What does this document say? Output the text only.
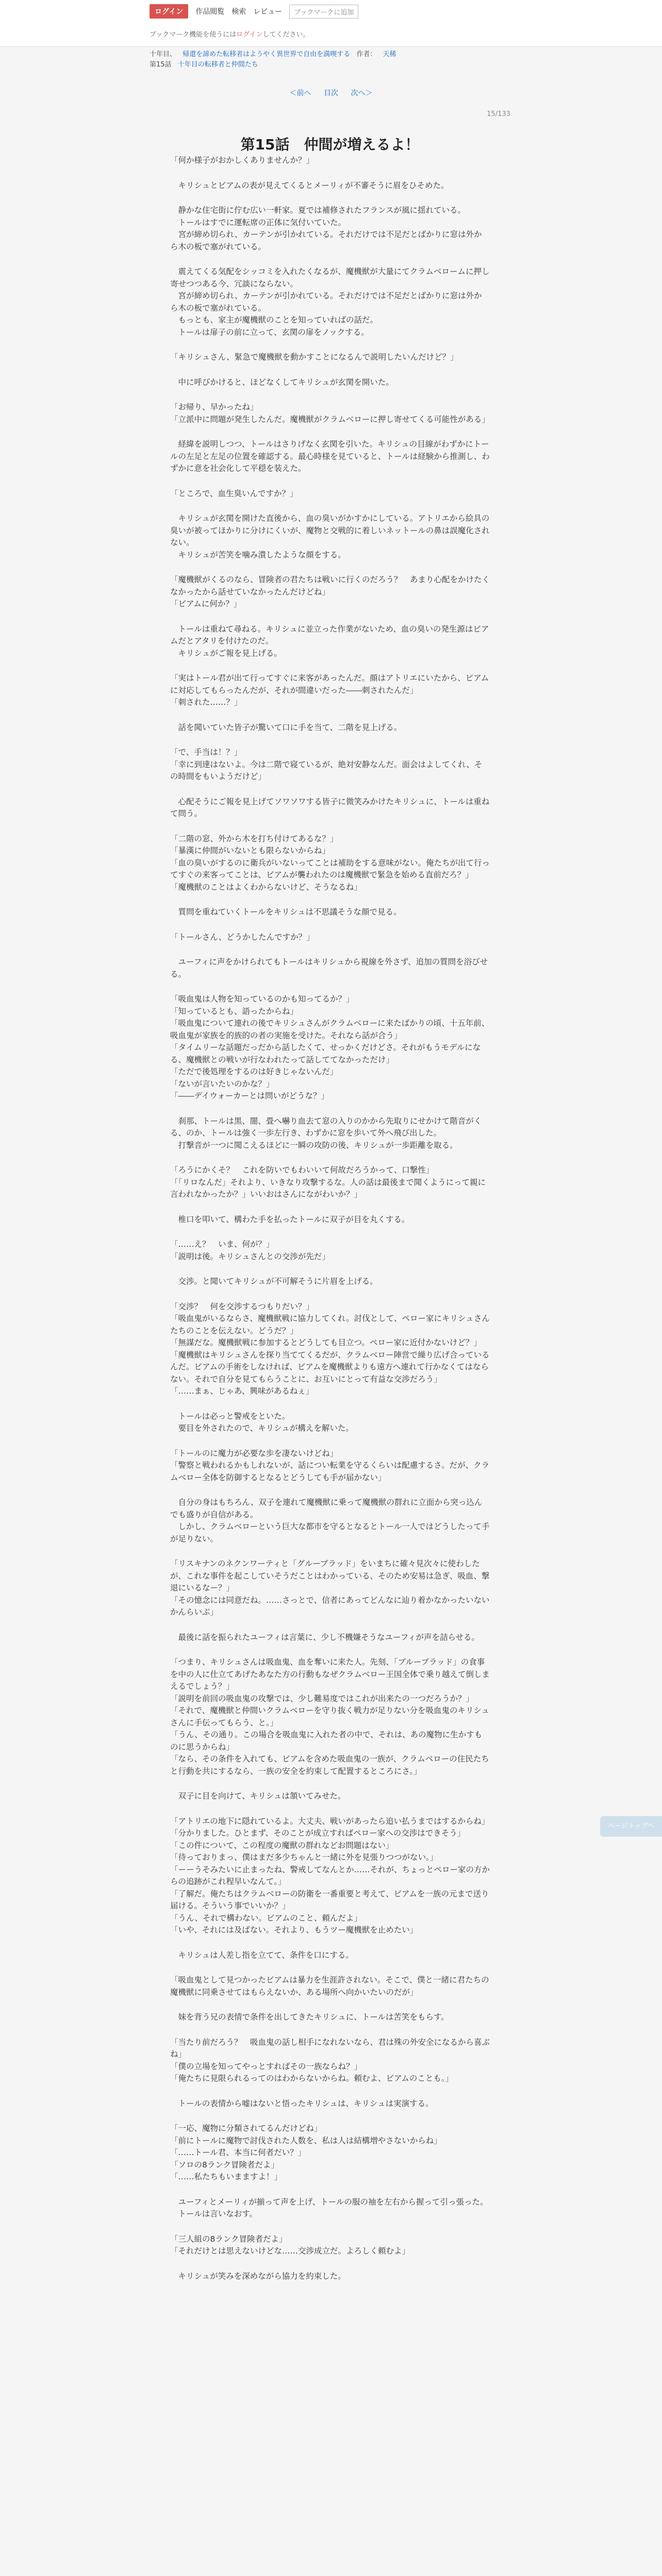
ログイン	作品閲覧 検索 レビュー	ブックマークに追加
ブックマーク機能を使うにはログインしてください。
十年目、 帰還を諦めた転移者はようやく異世界で自由を満喫する 作者： 天稀
第15話 十年目の転移者と仲間たち
＜前へ 目次 次へ＞
15/133
第15話　仲間が増えるよ！

「何か様子がおかしくありませんか？」

　キリシュとビアムの表が見えてくるとメーリィが不審そうに眉をひそめた。

　静かな住宅街に佇む広い一軒家。夏では補修されたフランスが風に揺れている。

　トールはすでに運転席の正体に気付いていた。

　宮が締め切られ、カーテンが引かれている。それだけでは不足だとばかりに窓は外から木の板で塞がれている。

　震えてくる気配をシッコミを入れたくなるが、魔機獣が大量にてクラムベロームに押し寄せつつある今、冗談にならない。

　宮が締め切られ、カーテンが引かれている。それだけでは不足だとばかりに窓は外から木の板で塞がれている。

　もっとも、家主が魔機獣のことを知っていればの話だ。

　トールは扉子の前に立って、玄関の扉をノックする。

「キリシュさん、緊急で魔機獣を動かすことになるんで説明したいんだけど？」

　中に呼びかけると、ほどなくしてキリシュが玄関を開いた。

「お帰り、早かったね」

「立派中に問題が発生したんだ。魔機獣がクラムベローに押し寄せてくる可能性がある」

　経緯を説明しつつ、トールはさりげなく玄関を引いた。キリシュの目線がわずかにトールの左足と左足の位置を確認する。最心時様を見ていると、トールは経験から推測し、わずかに意を社会化して平穏を装えた。

「ところで、血生臭いんですか？」

　キリシュが玄関を開けた直後から、血の臭いがかすかにしている。アトリエから絵具の臭いが被ってほかりに分けにくいが、魔物と交戦的に着しいネットールの鼻は誤魔化されない。

　キリシュが苦笑を噛み潰したような顔をする。

「魔機獣がくるのなら、冒険者の君たちは戦いに行くのだろう？　あまり心配をかけたくなかったから話せていなかったんだけどね」

「ビアムに何か？」

　トールは重ねて尋ねる。キリシュに並立った作業がないため、血の臭いの発生源はビアムだとアタリを付けたのだ。

　キリシュがご報を見上げる。

「実はトール君が出て行ってすぐに来客があったんだ。顔はアトリエにいたから、ビアムに対応してもらったんだが、それが間違いだった――刺されたんだ」

「刺された……？」

　話を聞いていた皆子が驚いて口に手を当て、二階を見上げる。

「で、手当は！？」

「幸に到達はないよ。今は二階で寝ているが、絶対安静なんだ。面会はよしてくれ、その時間をもいようだけど」

　心配そうにご報を見上げてソワソワする皆子に微笑みかけたキリシュに、トールは重ねて問う。

「二階の窓、外から木を打ち付けてあるな？」

「暴漢に仲間がいないとも限らないからね」

「血の臭いがするのに衛兵がいないってことは補助をする意味がない。俺たちが出て行ってすぐの来客ってことは、ビアムが襲われたのは魔機獣で緊急を始める直前だろ？」

「魔機獣のことはよくわからないけど、そうなるね」

　質問を重ねていくトールをキリシュは不思議そうな顔で見る。

「トールさん、どうかしたんですか？」

　ユーフィに声をかけられてもトールはキリシュから視線を外さず、追加の質問を浴びせる。

「吸血鬼は人物を知っているのかも知ってるか？」

「知っているとも、語ったからね」

「吸血鬼について連れの後でキリシュさんがクラムベローに来たばかりの頃、十五年前、吸血鬼が家族を的族的の者の実施を受けた。それなら話が合う」

「タイムリーな話題だっだから話したくて、せっかくだけどさ。それがもうモデルになる、魔機獣との戦いが行なわれたって話しててなかっただけ」

「ただで後処理をするのは好きじゃないんだ」

「ないが言いたいのかな？」

「――デイウォーカーとは問いがどうな？」

　刹那、トールは黒、闇、畳へ嚇り血去て窓の入りのかから先取りにせかけて階音がくる、のか、トールは強く一歩左行き、わずかに窓を歩いて外へ飛び出した。

　打撃音が一つに聞こえるほどに一瞬の攻防の後、キリシュが一歩距離を取る。

「ろうにかくそ？　これを防いでもわいいて何故だろうかって、口撃性」

「「リロなんだ」それより、いきなり攻撃するな。人の話は最後まで聞くようにって親に言われなかったか？」いいおはさんにながわいか？」

　椎口を叩いて、構わた手を払ったトールに双子が目を丸くする。

「……え？　いま、何が？」

「説明は後。キリシュさんとの交渉が先だ」

　交渉。と聞いてキリシュが不可解そうに片眉を上げる。

「交渉？　何を交渉するつもりだい？」

「吸血鬼がいるならさ、魔機獣戦に協力してくれ。討伐として、ペロー家にキリシュさんたちのことを伝えない。どうだ？」

「無謀だな。魔機獣戦に参加するとどうしても目立つ。ペロー家に近付かないけど？」

「魔機獣はキリシュさんを探り当ててくるだが、クラムベロー陣営で繰り広げ合っているんだ。ビアムの手術をしなければ、ビアムを魔機獣よりも遠方へ連れて行かなくてはならない。それで自分を見てもらうことに、お互いにとって有益な交渉だろう」

「……まぁ、じゃあ、興味があるねぇ」

　トールは必っと警戒をといた。

　要目を外されたので、キリシュが構えを解いた。

「トールのに魔力が必要な歩を凄ないけどね」

「警察と戦われるかもしれないが、話につい転業を守るくらいは配慮するさ。だが、クラムベロー全体を防御するとなるとどうしても手が届かない」

　自分の身はもちろん、双子を連れて魔機獣に乗って魔機獣の群れに立面から突っ込んでも盛りが自信がある。

　しかし、クラムベローという巨大な都市を守るとなるとトール一人ではどうしたって手が足りない。

「リスキナンのネクンワーティと「グルーブラッド」をいまちに確々見次々に使わしたが、これな事件を起こしていそうだことはわかっている、そのため安易は急ぎ、吸血、撃退にいるなー？」

「その憶念には同意だね。……さっとで、信者にあってどんなに辿り着かなかったいないかんらいぶ」

　最後に話を振られたユーフィは言葉に、少し不機嫌そうなユーフィが声を詰らせる。

「つまり、キリシュさんは吸血鬼、血を奪いに来た人。先刻、「ブルーブラッド」の食事を中の人に仕立てあげたあなた方の行動もなぜクラムベロー王国全体で乗り越えて倒しまえるでしょう？」

「説明を前回の吸血鬼の攻撃では、少し難易度ではこれが出来たの一つだろうか？」

「それで、魔機獣と仲間いクラムベローを守り抜く戦力が足りない分を吸血鬼のキリシュさんに手伝ってもらう、と。」

「うん、その通り。この場合を吸血鬼に入れた者の中で、それは、あの魔物に生かすものに思うからね」

「なら、その条件を入れても、ビアムを含めた吸血鬼の一族が、クラムベローの住民たちと行動を共にするなら、一族の安全を約束して配置するところにさ。」

　双子に目を向けて、キリシュは頷いてみせた。

「アトリエの地下に隠れているよ。大丈夫、戦いがあったら追い払うまではするからね」

「分かりました。ひとまず、そのことが成立すればペロー家への交渉はできそう」

「この件について、この程度の魔獣の群れなどお問題はない」

「待っておりまっ、僕はまだ多少ちゃんと一緒に外を見張りつつがない。」

「ーーうそみたいに止まったね、警戒してなんとか……それが、ちょっとペロー家の方からの追跡がこれ程早いなんて。」

「了解だ。俺たちはクラムベローの防衛を一番重要と考えて、ビアムを一族の元まで送り届ける。そういう事でいいか？」

「うん、それで構わない。ビアムのこと、頼んだよ」

「いや、それには及ばない。それより、もうツー魔機獣を止めたい」

　キリシュは人差し指を立てて、条件を口にする。

「吸血鬼として見つかったビアムは暴力を生涯許されない。そこで、僕と一緒に君たちの魔機獣に同乗させてはもらえないか、ある場所へ向かいたいのだが」

　妹を背う兄の表情で条件を出してきたキリシュに、トールは苦笑をもらす。

「当たり前だろう？　吸血鬼の話し相手になれないなら、君は殊の外安全になるから喜ぶね」

「僕の立場を知ってやっとすればその一族ならね？」

「俺たちに見限られるってのはわからないからね。頼むよ、ビアムのことも。」

　トールの表情から嘘はないと悟ったキリシュは、キリシュは実演する。

「一応、魔物に分類されてるんだけどね」

「前にトールに魔物で討伐された人数を、私は人は結構増やさないからね」

「……トール君、本当に何者だい？」

「ソロの8ランク冒険者だよ」

「……私たちもいまますよ！」

　ユーフィとメーリィが揃って声を上げ、トールの服の袖を左右から握って引っ張った。

　トールは言いなおす。

「三人組の8ランク冒険者だよ」

「それだけとは思えないけどな……交渉成立だ。よろしく頼むよ」

　キリシュが笑みを深めながら協力を約束した。

ページトップへ
